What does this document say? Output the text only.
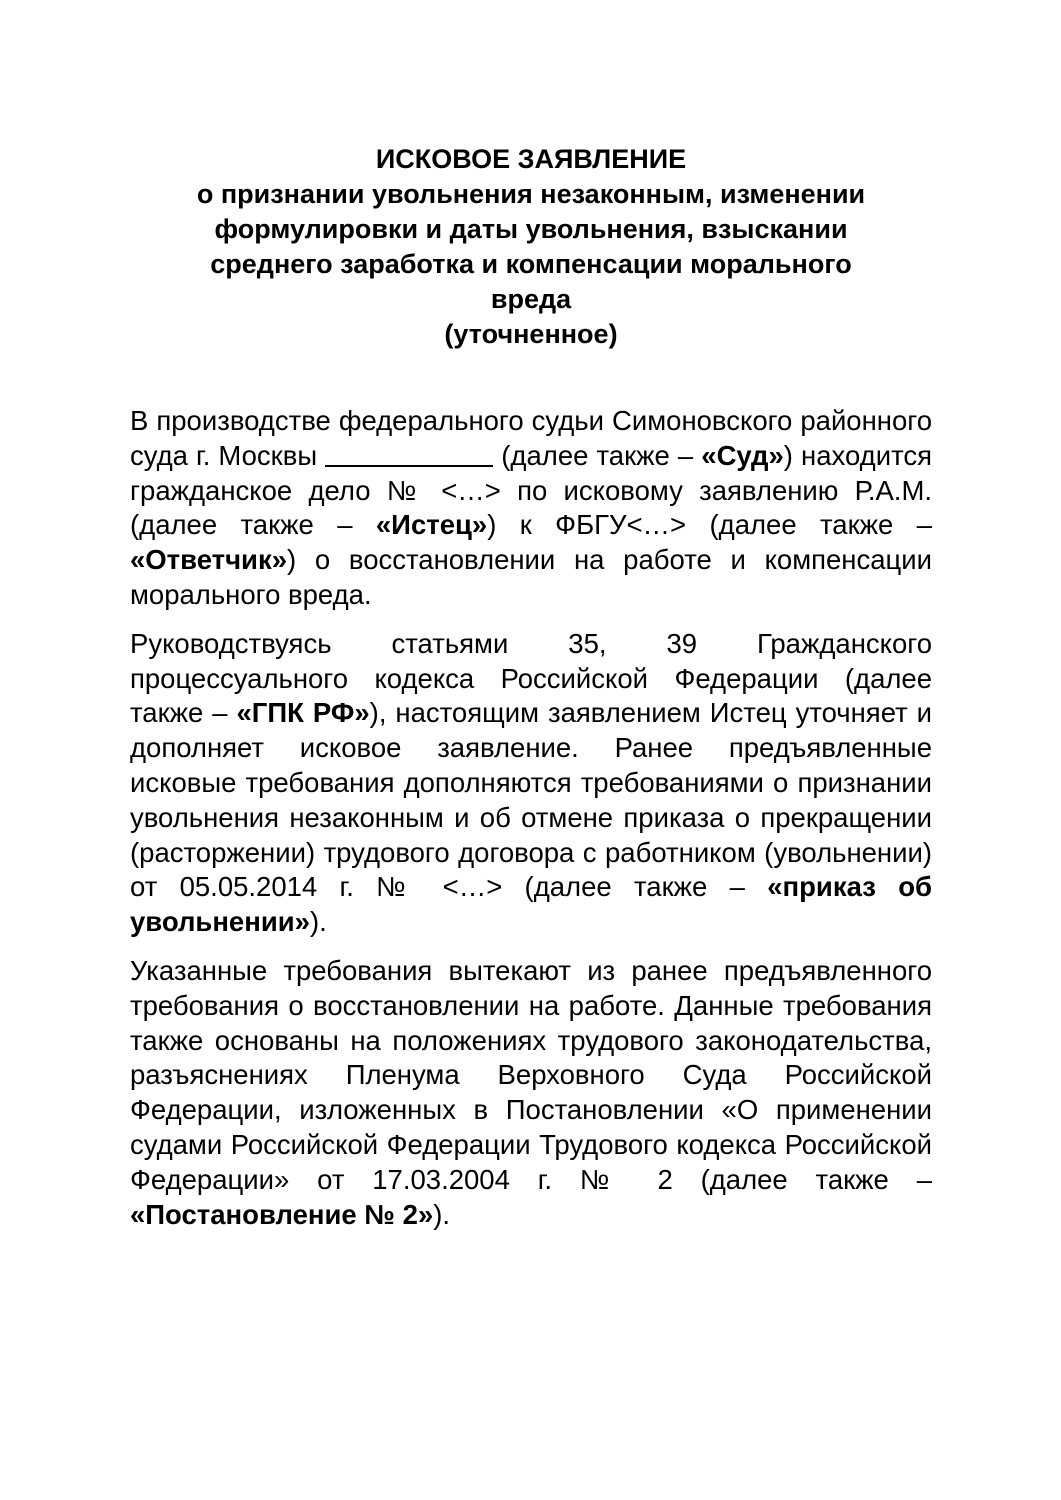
ИСКОВОЕ ЗАЯВЛЕНИЕ
о признании увольнения незаконным, изменении
формулировки и даты увольнения, взыскании
среднего заработка и компенсации морального
вреда
(уточненное)

В производстве федерального судьи Симоновского районного суда г. Москвы	(далее также – «Суд») находится гражданское дело № <…> по исковому заявлению Р.А.М. (далее также – «Истец») к ФБГУ<…> (далее также – «Ответчик») о восстановлении на работе и компенсации морального вреда.

Руководствуясь статьями 35, 39 Гражданского процессуального кодекса Российской Федерации (далее также – «ГПК РФ»), настоящим заявлением Истец уточняет и дополняет исковое заявление. Ранее предъявленные исковые требования дополняются требованиями о признании увольнения незаконным и об отмене приказа о прекращении (расторжении) трудового договора с работником (увольнении) от 05.05.2014 г. № <…> (далее также – «приказ об увольнении»).

Указанные требования вытекают из ранее предъявленного требования о восстановлении на работе. Данные требования также основаны на положениях трудового законодательства, разъяснениях Пленума Верховного Суда Российской Федерации, изложенных в Постановлении «О применении судами Российской Федерации Трудового кодекса Российской Федерации» от 17.03.2004 г. № 2 (далее также – «Постановление № 2»).
